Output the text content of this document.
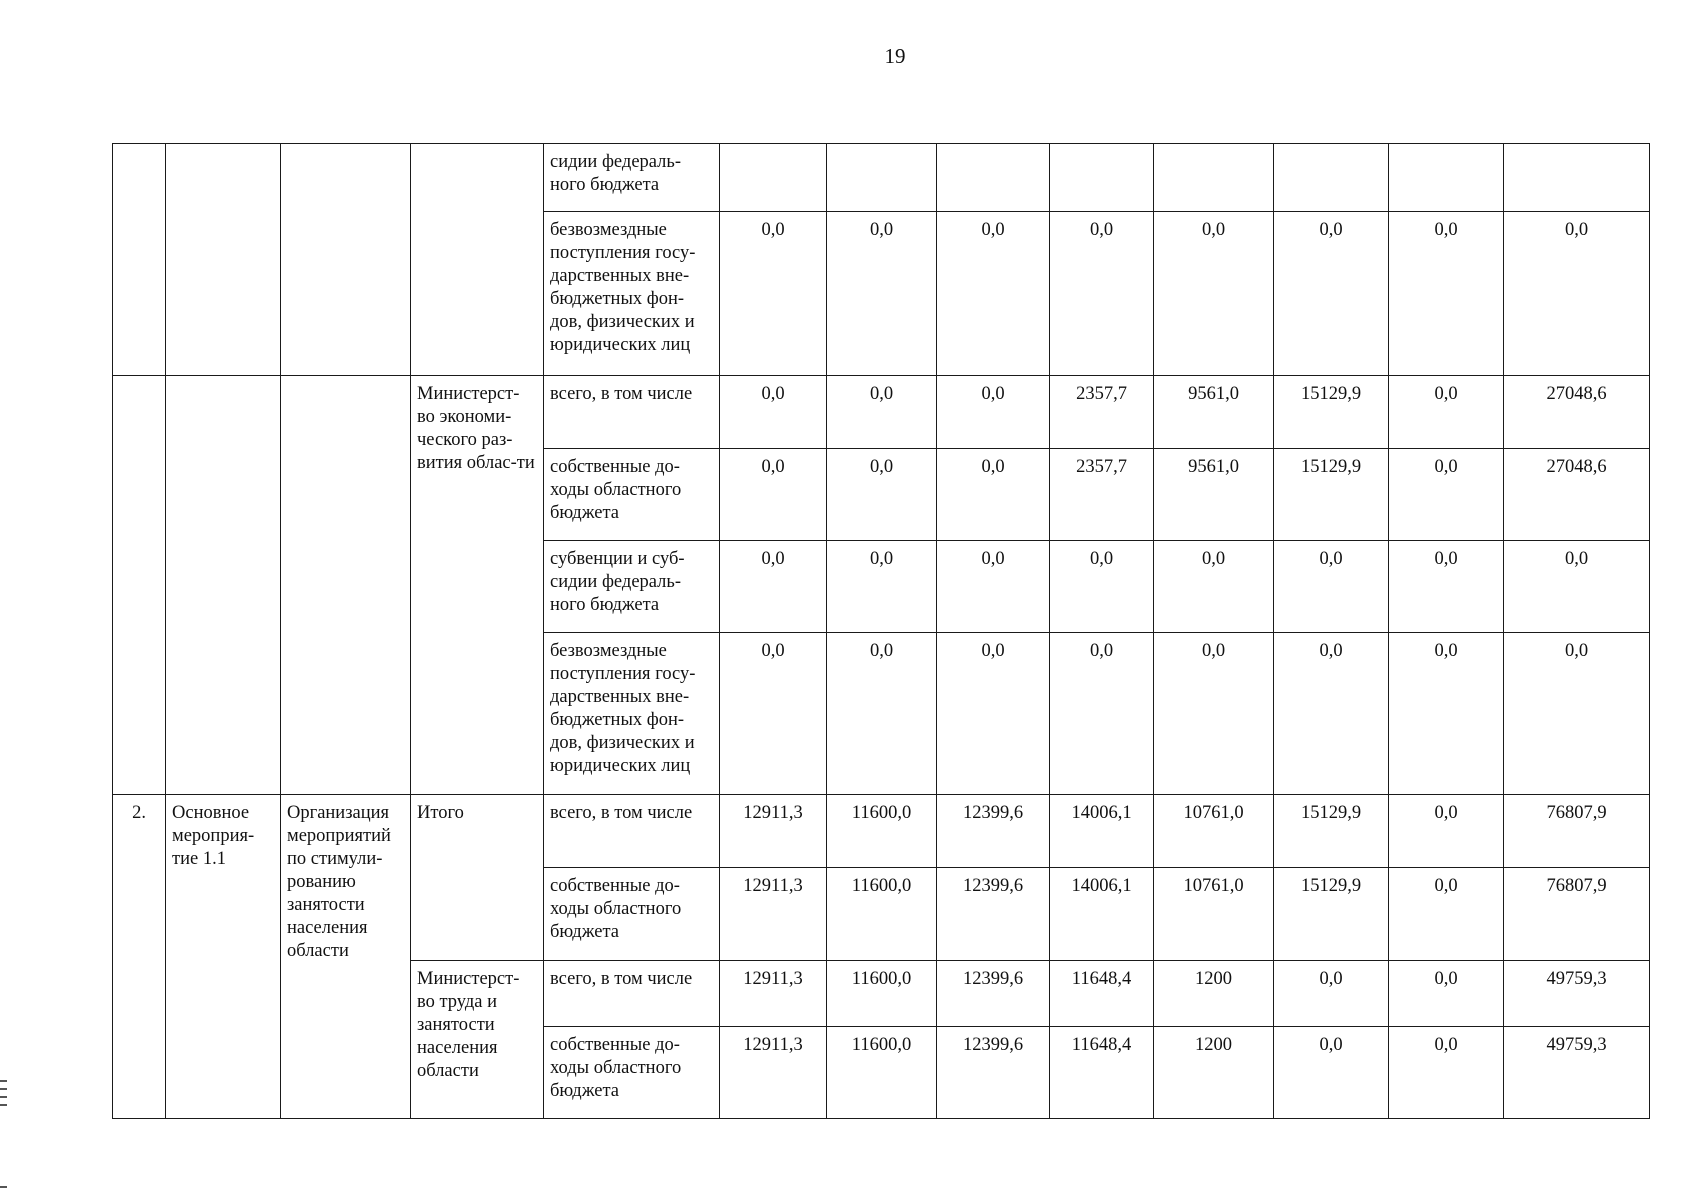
19
				сидии федераль-ного бюджета								
				безвозмездные поступления госу-дарственных вне-бюджетных фон-дов, физических и юридических лиц	0,0	0,0	0,0	0,0	0,0	0,0	0,0	0,0
			Министерст-во экономи-ческого раз-вития облас-ти	всего, в том числе	0,0	0,0	0,0	2357,7	9561,0	15129,9	0,0	27048,6
				собственные до-ходы областного бюджета	0,0	0,0	0,0	2357,7	9561,0	15129,9	0,0	27048,6
				субвенции и суб-сидии федераль-ного бюджета	0,0	0,0	0,0	0,0	0,0	0,0	0,0	0,0
				безвозмездные поступления госу-дарственных вне-бюджетных фон-дов, физических и юридических лиц	0,0	0,0	0,0	0,0	0,0	0,0	0,0	0,0
2.	Основное мероприя-тие 1.1	Организация мероприятий по стимули-рованию занятости населения области	Итого	всего, в том числе	12911,3	11600,0	12399,6	14006,1	10761,0	15129,9	0,0	76807,9
				собственные до-ходы областного бюджета	12911,3	11600,0	12399,6	14006,1	10761,0	15129,9	0,0	76807,9
			Министерст-во труда и занятости населения области	всего, в том числе	12911,3	11600,0	12399,6	11648,4	1200	0,0	0,0	49759,3
				собственные до-ходы областного бюджета	12911,3	11600,0	12399,6	11648,4	1200	0,0	0,0	49759,3
